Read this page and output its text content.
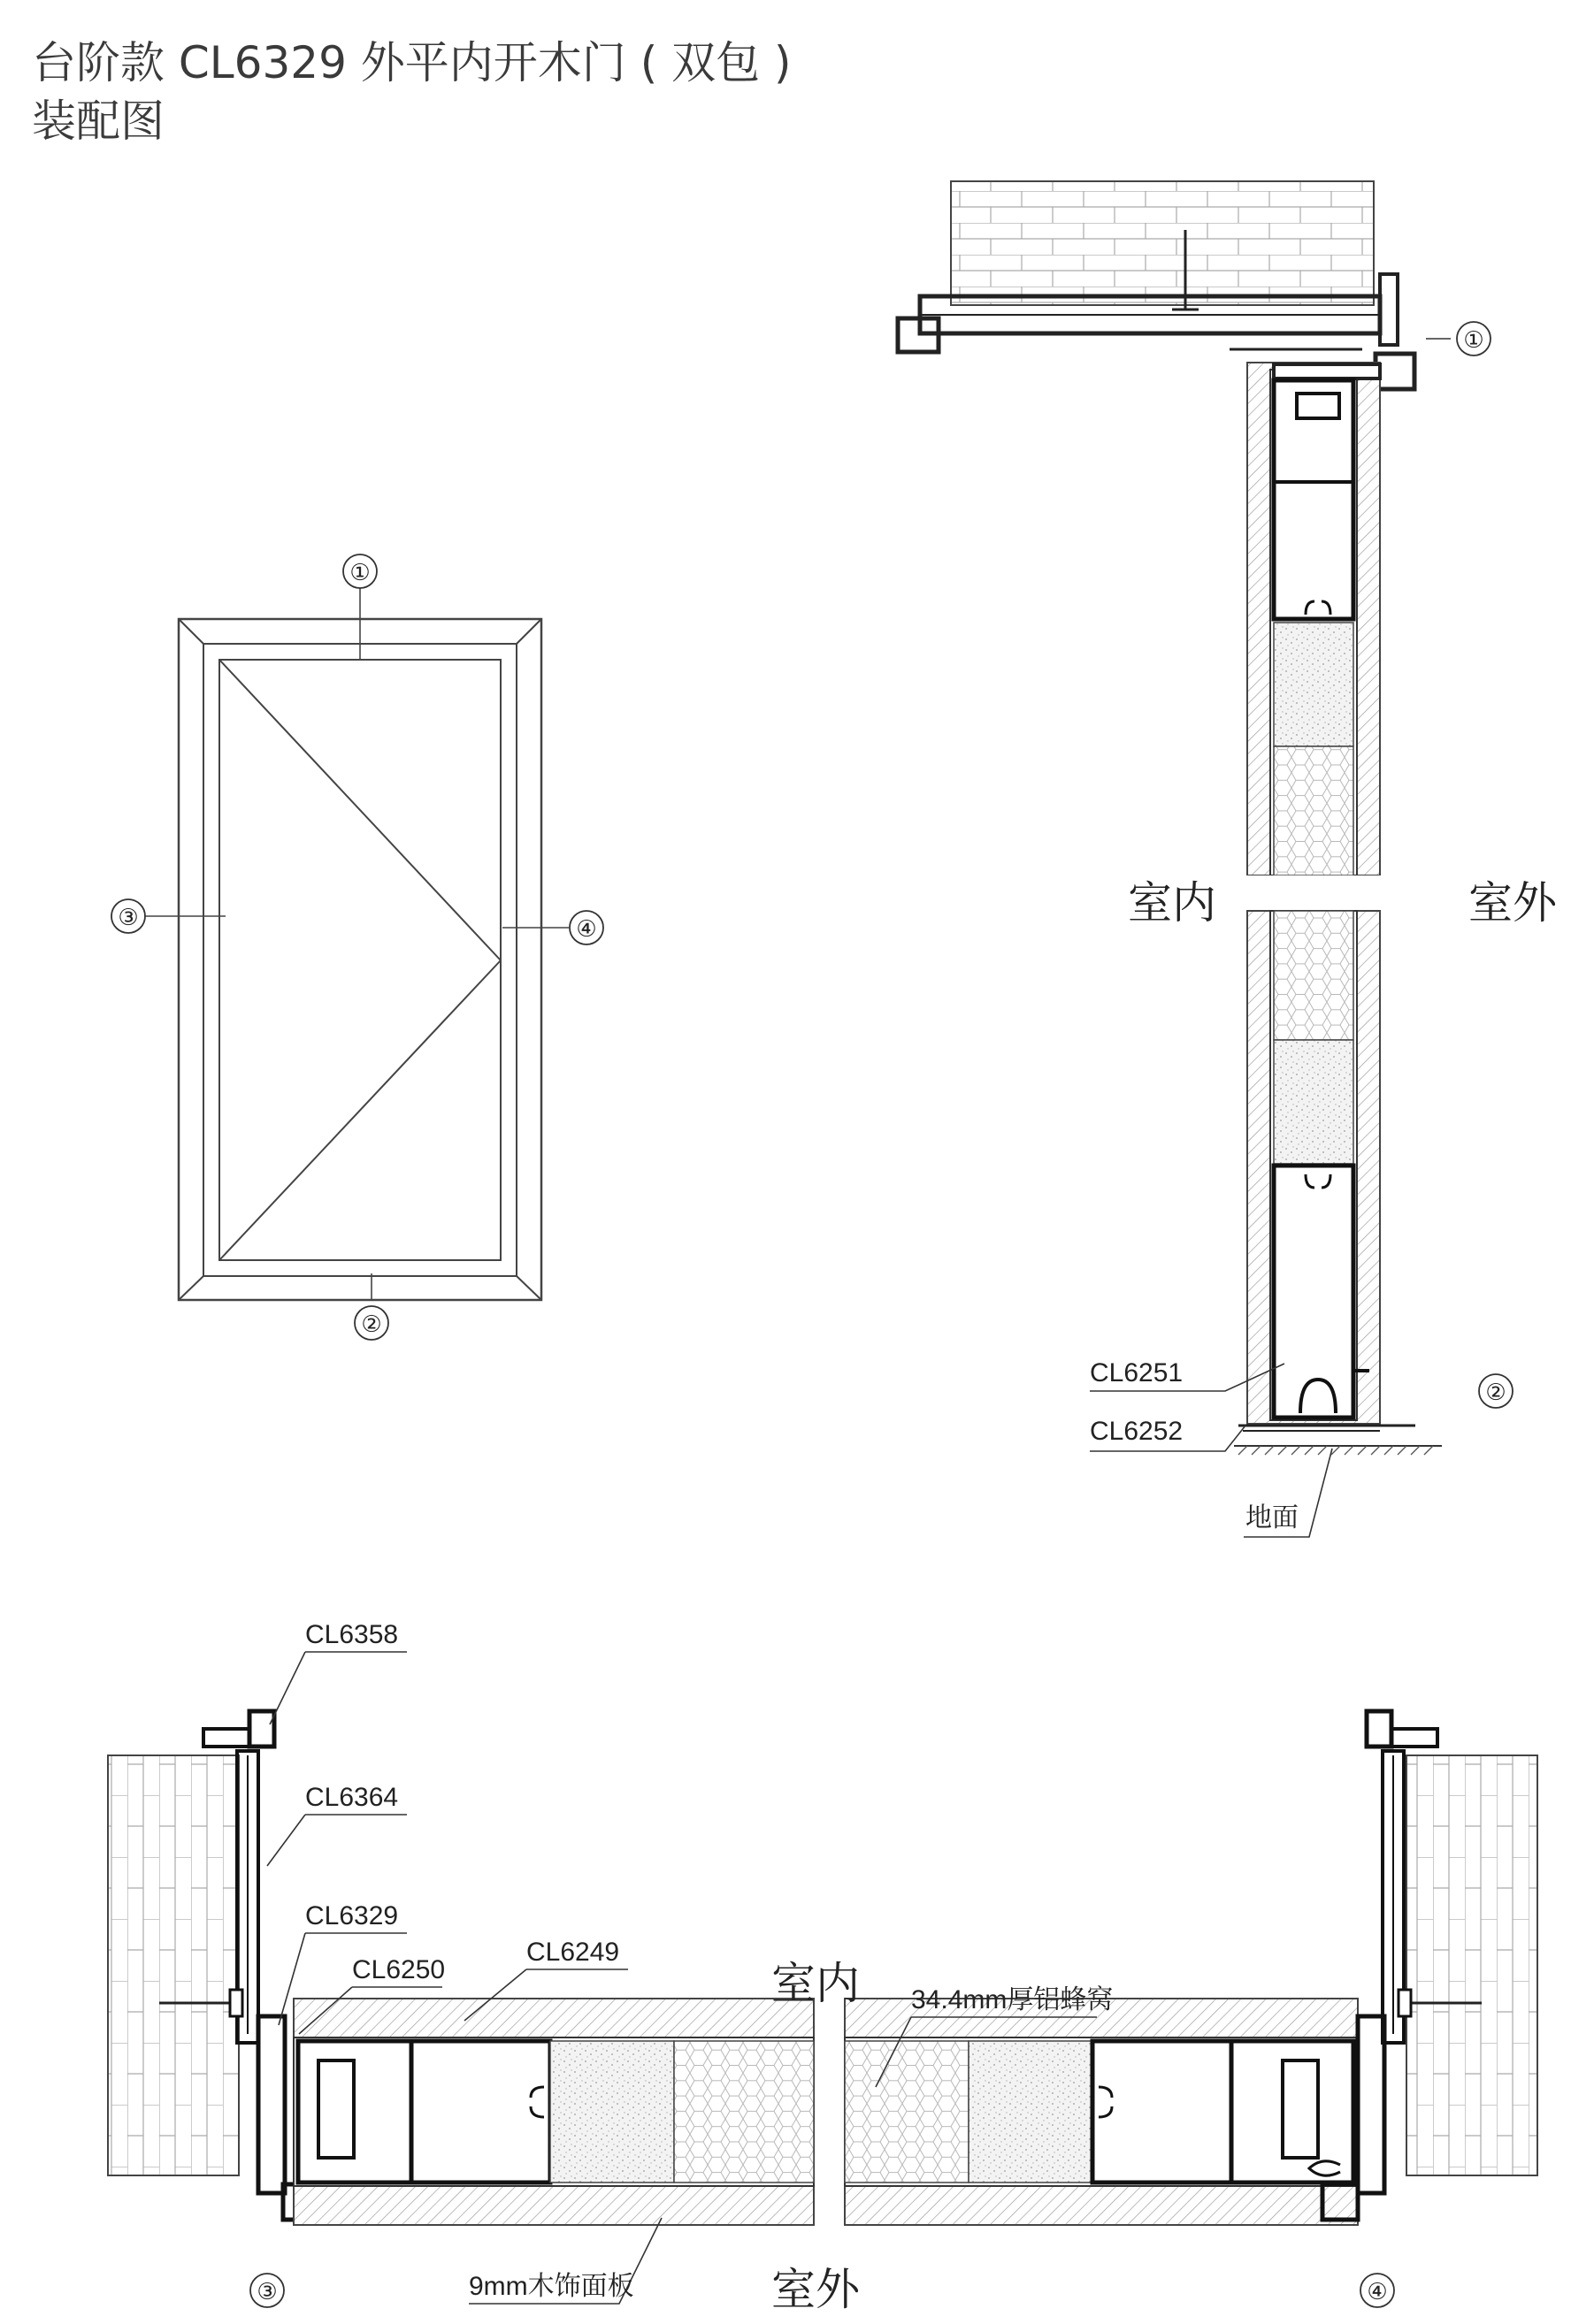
台阶款 CL6329 外平内开木门 ( 双包 )
装配图
①
②
③	④
①
②
室内	室外
CL6251
CL6252
地面
③	④
室内
室外
CL6358
CL6364
CL6329
CL6250
CL6249
34.4mm厚铝蜂窝
9mm木饰面板
